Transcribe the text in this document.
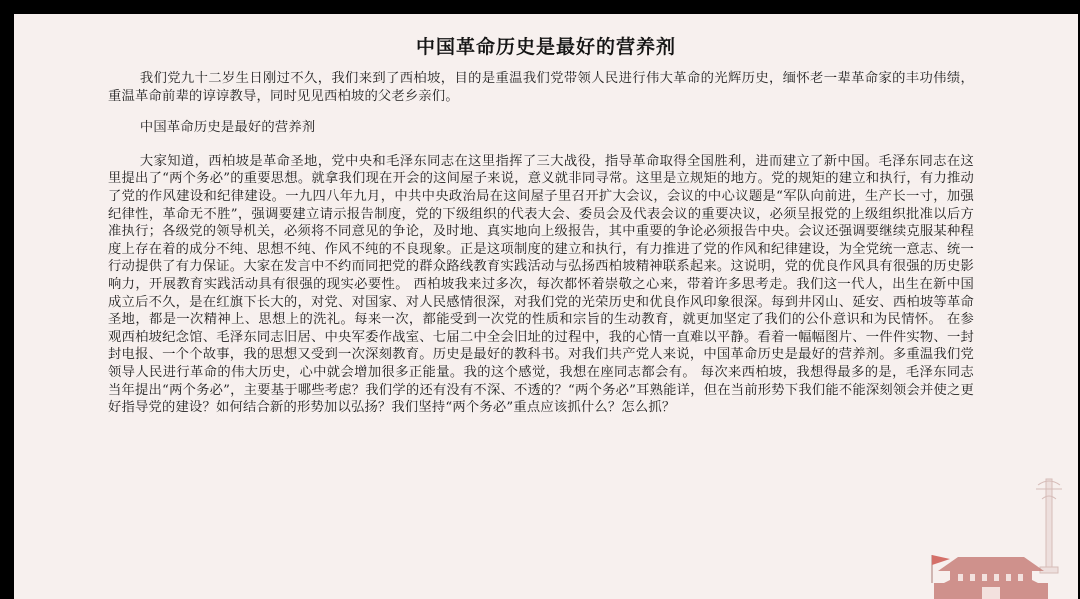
中国革命历史是最好的营养剂

我们党九十二岁生日刚过不久，我们来到了西柏坡，目的是重温我们党带领人民进行伟大革命的光辉历史，缅怀老一辈革命家的丰功伟绩，重温革命前辈的谆谆教导，同时见见西柏坡的父老乡亲们。

中国革命历史是最好的营养剂

大家知道，西柏坡是革命圣地，党中央和毛泽东同志在这里指挥了三大战役，指导革命取得全国胜利，进而建立了新中国。毛泽东同志在这里提出了“两个务必”的重要思想。就拿我们现在开会的这间屋子来说，意义就非同寻常。这里是立规矩的地方。党的规矩的建立和执行，有力推动了党的作风建设和纪律建设。一九四八年九月，中共中央政治局在这间屋子里召开扩大会议，会议的中心议题是“军队向前进，生产长一寸，加强纪律性，革命无不胜”，强调要建立请示报告制度，党的下级组织的代表大会、委员会及代表会议的重要决议，必须呈报党的上级组织批准以后方准执行；各级党的领导机关，必须将不同意见的争论，及时地、真实地向上级报告，其中重要的争论必须报告中央。会议还强调要继续克服某种程度上存在着的成分不纯、思想不纯、作风不纯的不良现象。正是这项制度的建立和执行，有力推进了党的作风和纪律建设，为全党统一意志、统一行动提供了有力保证。大家在发言中不约而同把党的群众路线教育实践活动与弘扬西柏坡精神联系起来。这说明，党的优良作风具有很强的历史影响力，开展教育实践活动具有很强的现实必要性。 西柏坡我来过多次，每次都怀着崇敬之心来，带着许多思考走。我们这一代人，出生在新中国成立后不久，是在红旗下长大的，对党、对国家、对人民感情很深，对我们党的光荣历史和优良作风印象很深。每到井冈山、延安、西柏坡等革命圣地，都是一次精神上、思想上的洗礼。每来一次，都能受到一次党的性质和宗旨的生动教育，就更加坚定了我们的公仆意识和为民情怀。 在参观西柏坡纪念馆、毛泽东同志旧居、中央军委作战室、七届二中全会旧址的过程中，我的心情一直难以平静。看着一幅幅图片、一件件实物、一封封电报、一个个故事，我的思想又受到一次深刻教育。历史是最好的教科书。对我们共产党人来说，中国革命历史是最好的营养剂。多重温我们党领导人民进行革命的伟大历史，心中就会增加很多正能量。我的这个感觉，我想在座同志都会有。 每次来西柏坡，我想得最多的是，毛泽东同志当年提出“两个务必”，主要基于哪些考虑？我们学的还有没有不深、不透的？“两个务必”耳熟能详，但在当前形势下我们能不能深刻领会并使之更好指导党的建设？如何结合新的形势加以弘扬？我们坚持“两个务必”重点应该抓什么？怎么抓？
